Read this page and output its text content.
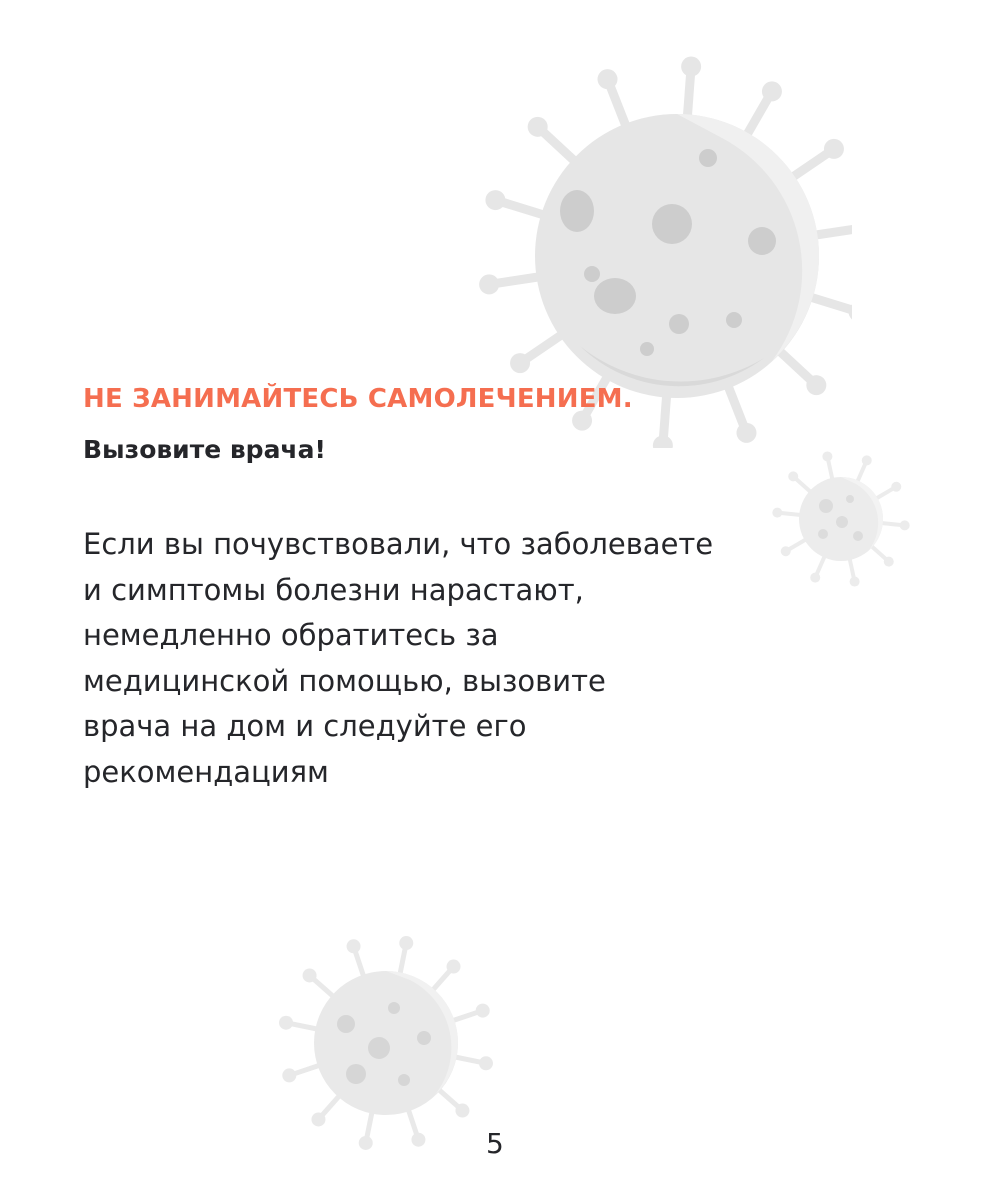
НЕ ЗАНИМАЙТЕСЬ САМОЛЕЧЕНИЕМ.
Вызовите врача!

Если вы почувствовали, что заболеваете
и симптомы болезни нарастают,
немедленно обратитесь за
медицинской помощью, вызовите
врача на дом и следуйте его
рекомендациям

5
